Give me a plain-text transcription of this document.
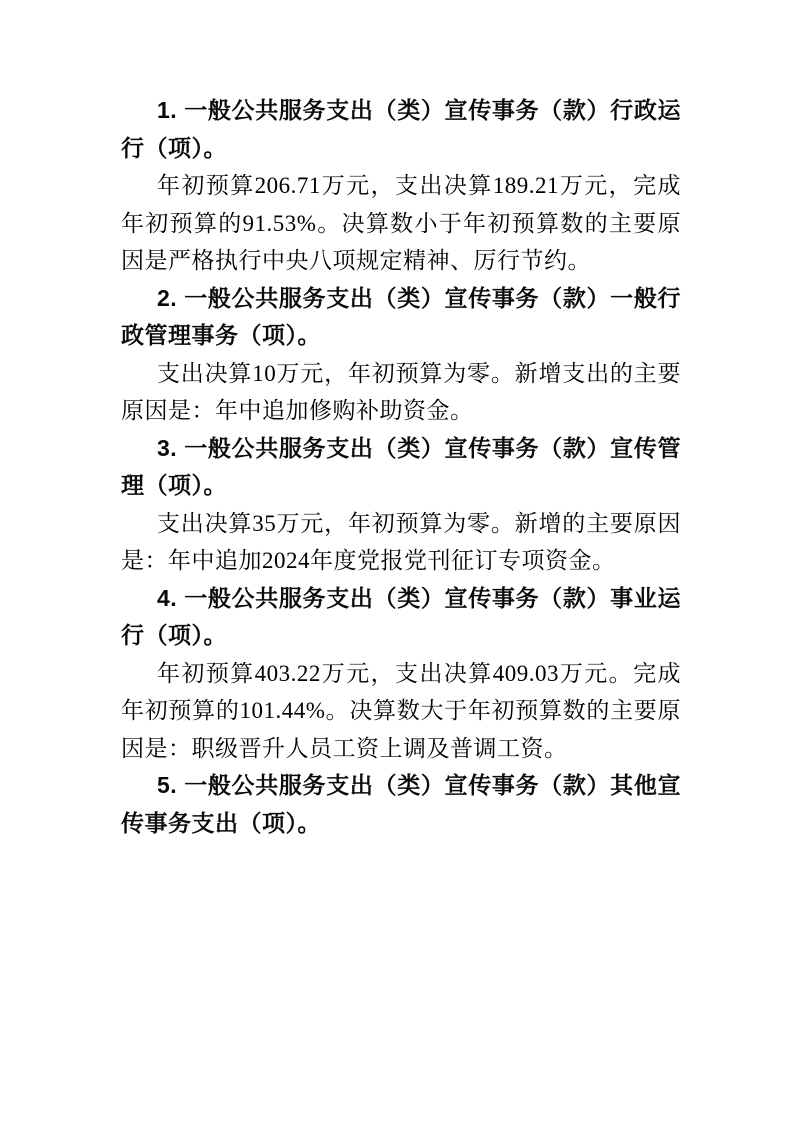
1. 一般公共服务支出（类）宣传事务（款）行政运行（项）。

年初预算206.71万元，支出决算189.21万元，完成年初预算的91.53%。决算数小于年初预算数的主要原因是严格执行中央八项规定精神、厉行节约。

2. 一般公共服务支出（类）宣传事务（款）一般行政管理事务（项）。

支出决算10万元，年初预算为零。新增支出的主要原因是：年中追加修购补助资金。

3. 一般公共服务支出（类）宣传事务（款）宣传管理（项）。

支出决算35万元，年初预算为零。新增的主要原因是：年中追加2024年度党报党刊征订专项资金。

4. 一般公共服务支出（类）宣传事务（款）事业运行（项）。

年初预算403.22万元，支出决算409.03万元。完成年初预算的101.44%。决算数大于年初预算数的主要原因是：职级晋升人员工资上调及普调工资。

5. 一般公共服务支出（类）宣传事务（款）其他宣传事务支出（项）。
